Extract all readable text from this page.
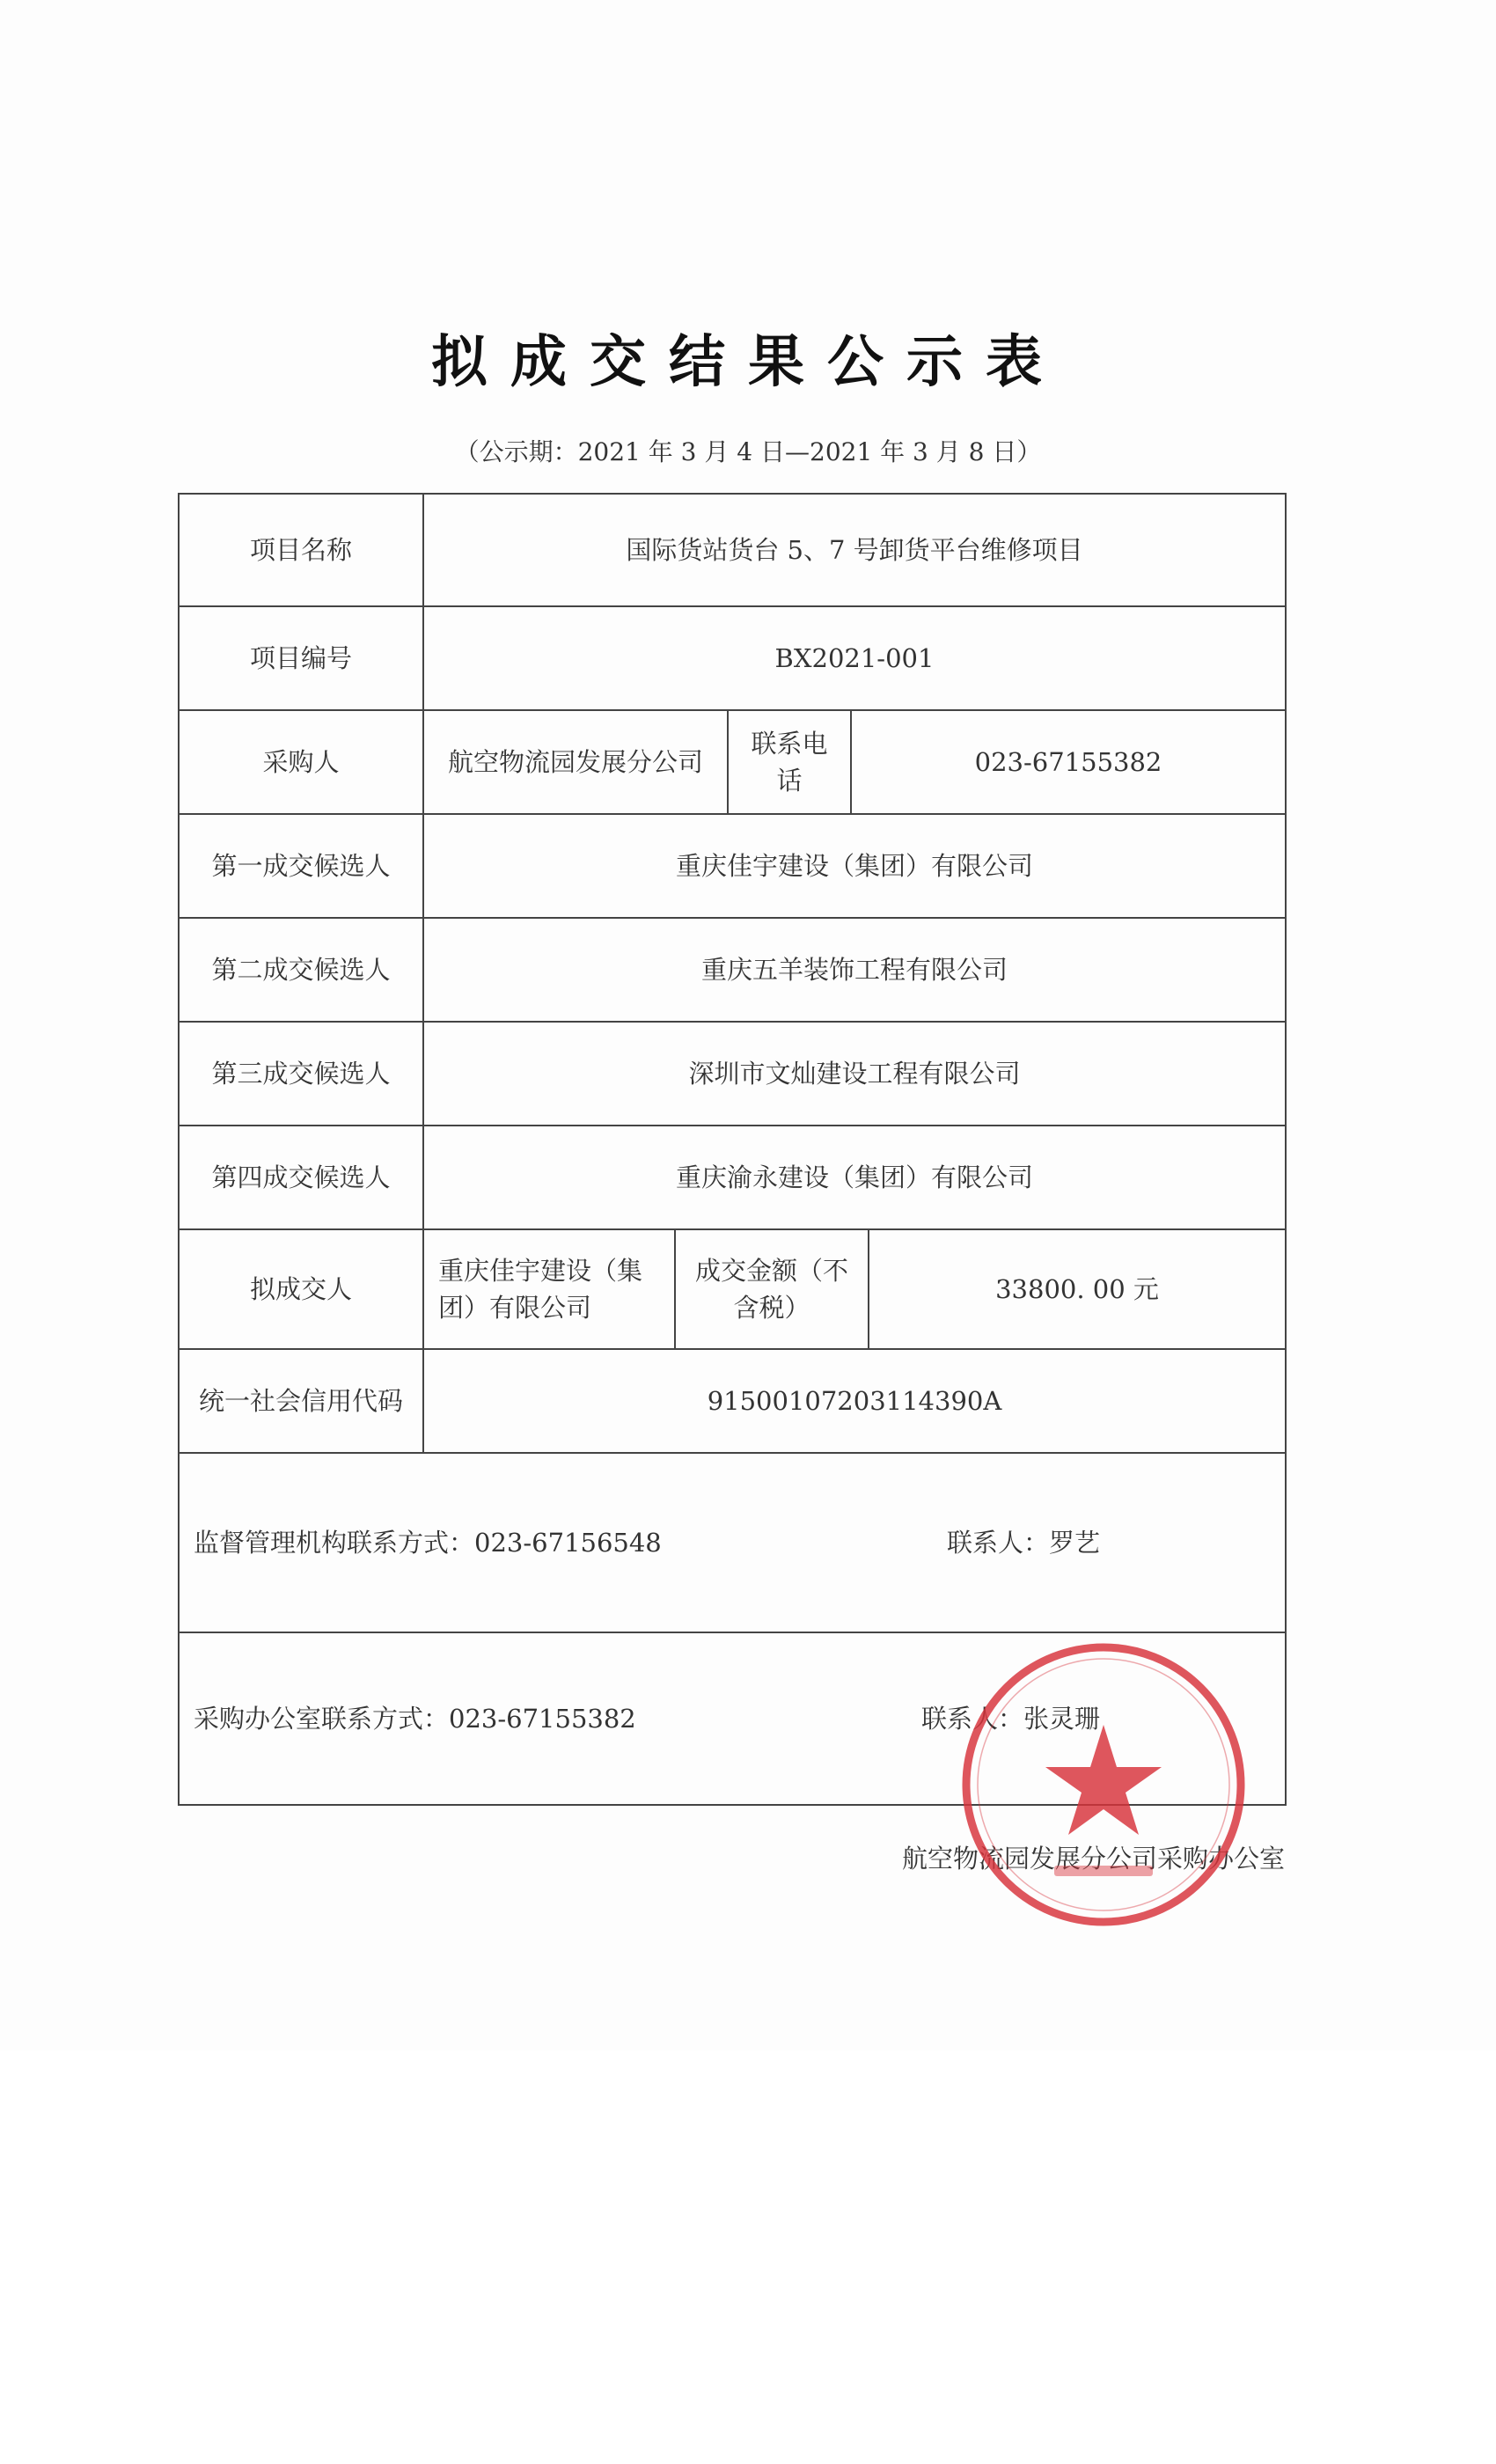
拟成交结果公示表
（公示期：2021 年 3 月 4 日—2021 年 3 月 8 日）
项目名称	国际货站货台 5、7 号卸货平台维修项目				
项目编号	BX2021-001				
采购人	航空物流园发展分公司		联系电话	023-67155382	
第一成交候选人	重庆佳宇建设（集团）有限公司				
第二成交候选人	重庆五羊装饰工程有限公司				
第三成交候选人	深圳市文灿建设工程有限公司				
第四成交候选人	重庆渝永建设（集团）有限公司				
拟成交人	重庆佳宇建设（集团）有限公司	成交金额（不含税）			33800. 00 元
统一社会信用代码	91500107203114390A				

监督管理机构联系方式：023-67156548 联系人：罗艺					

采购办公室联系方式：023-67155382 联系人：张灵珊					
航空物流园发展分公司采购办公室
